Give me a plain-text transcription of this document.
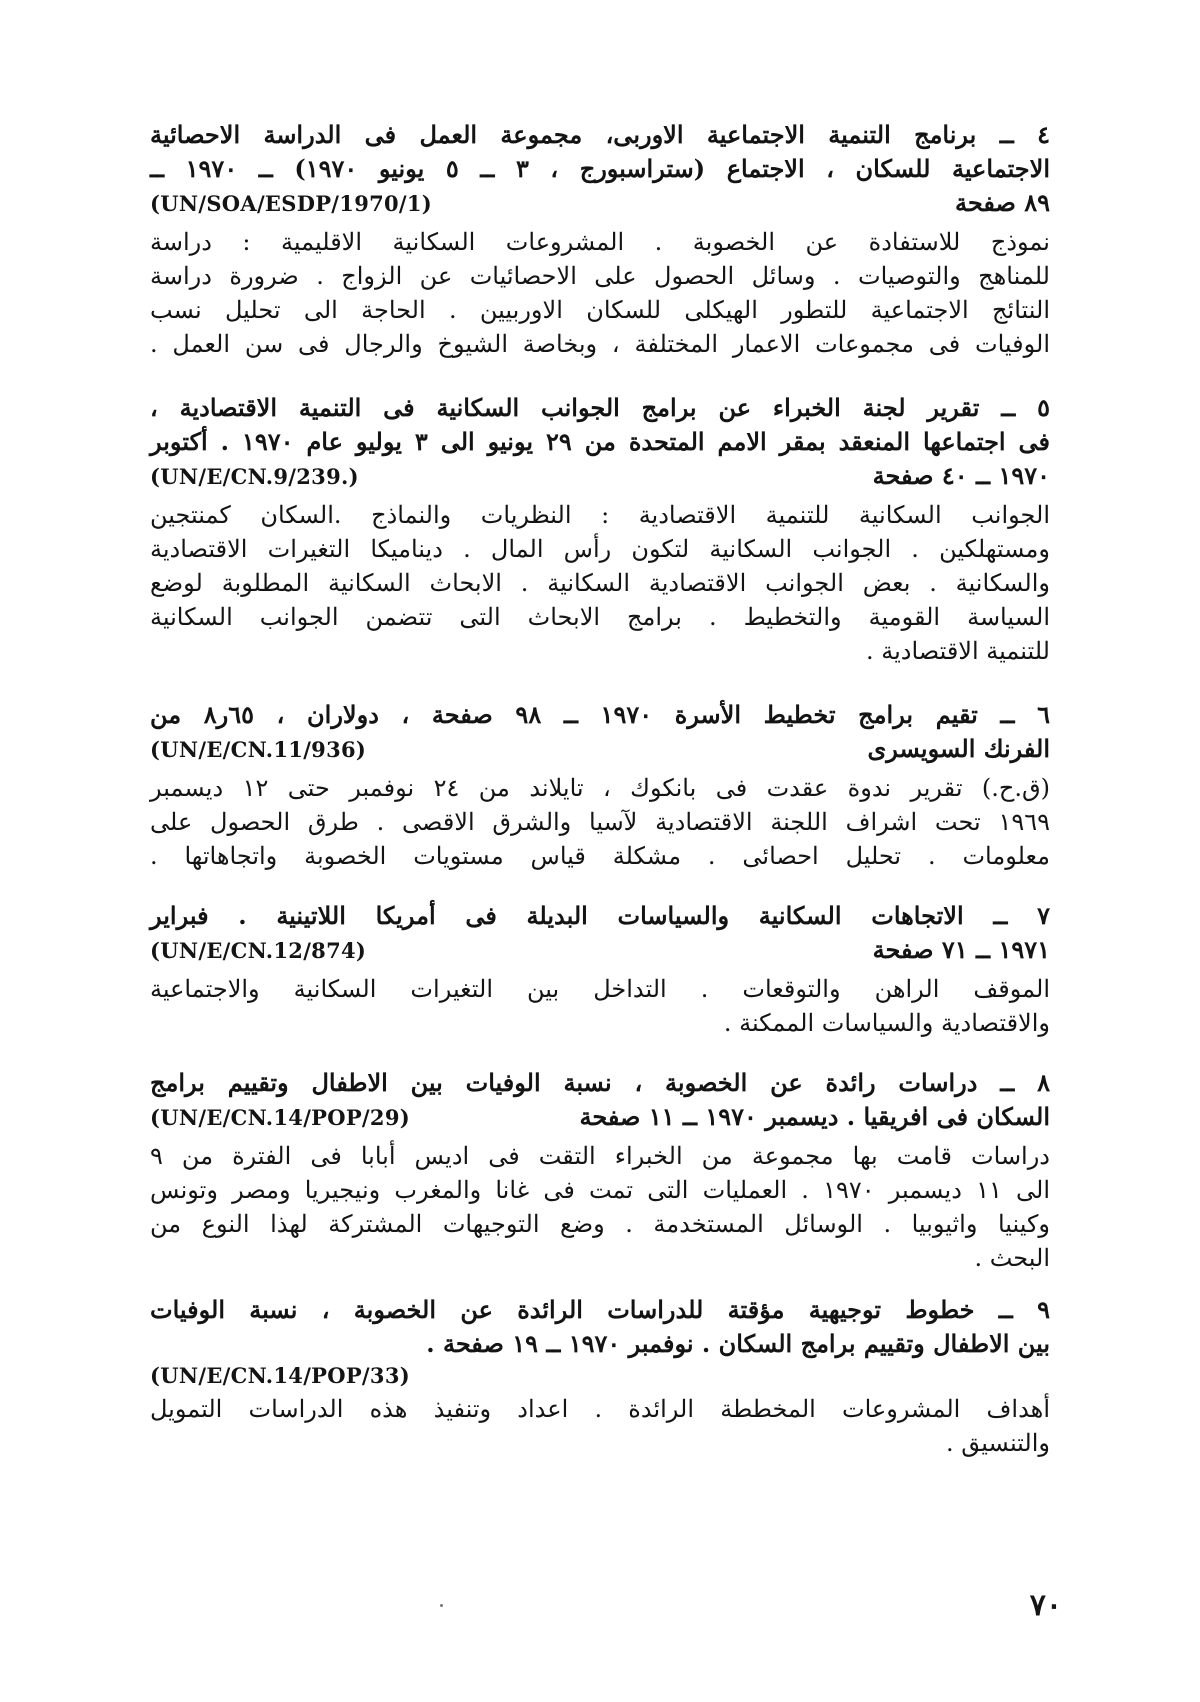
٤ ــ برنامج التنمية الاجتماعية الاوربى، مجموعة العمل فى الدراسة الاحصائية
الاجتماعية للسكان ، الاجتماع (ستراسبورج ، ٣ ــ ٥ يونيو ١٩٧٠) ــ ١٩٧٠ ــ
٨٩ صفحة
(UN/SOA/ESDP/1970/1)
نموذج للاستفادة عن الخصوبة . المشروعات السكانية الاقليمية : دراسة
للمناهج والتوصيات . وسائل الحصول على الاحصائيات عن الزواج . ضرورة دراسة
النتائج الاجتماعية للتطور الهيكلى للسكان الاوربيين . الحاجة الى تحليل نسب
الوفيات فى مجموعات الاعمار المختلفة ، وبخاصة الشيوخ والرجال فى سن العمل .
٥ ــ تقرير لجنة الخبراء عن برامج الجوانب السكانية فى التنمية الاقتصادية ،
فى اجتماعها المنعقد بمقر الامم المتحدة من ٢٩ يونيو الى ٣ يوليو عام ١٩٧٠ . أكتوبر
١٩٧٠ ــ ٤٠ صفحة
(UN/E/CN.9/239.)
الجوانب السكانية للتنمية الاقتصادية : النظريات والنماذج .السكان كمنتجين
ومستهلكين . الجوانب السكانية لتكون رأس المال . ديناميكا التغيرات الاقتصادية
والسكانية . بعض الجوانب الاقتصادية السكانية . الابحاث السكانية المطلوبة لوضع
السياسة القومية والتخطيط . برامج الابحاث التى تتضمن الجوانب السكانية
للتنمية الاقتصادية .
٦ ــ تقيم برامج تخطيط الأسرة ١٩٧٠ ــ ٩٨ صفحة ، دولاران ، ٦٥ر٨ من
الفرنك السويسرى
(UN/E/CN.11/936)
(ق.ح.) تقرير ندوة عقدت فى بانكوك ، تايلاند من ٢٤ نوفمبر حتى ١٢ ديسمبر
١٩٦٩ تحت اشراف اللجنة الاقتصادية لآسيا والشرق الاقصى . طرق الحصول على
معلومات . تحليل احصائى . مشكلة قياس مستويات الخصوبة واتجاهاتها .
٧ ــ الاتجاهات السكانية والسياسات البديلة فى أمريكا اللاتينية . فبراير
١٩٧١ ــ ٧١ صفحة
(UN/E/CN.12/874)
الموقف الراهن والتوقعات . التداخل بين التغيرات السكانية والاجتماعية
والاقتصادية والسياسات الممكنة .
٨ ــ دراسات رائدة عن الخصوبة ، نسبة الوفيات بين الاطفال وتقييم برامج
السكان فى افريقيا . ديسمبر ١٩٧٠ ــ ١١ صفحة
(UN/E/CN.14/POP/29)
دراسات قامت بها مجموعة من الخبراء التقت فى اديس أبابا فى الفترة من ٩
الى ١١ ديسمبر ١٩٧٠ . العمليات التى تمت فى غانا والمغرب ونيجيريا ومصر وتونس
وكينيا واثيوبيا . الوسائل المستخدمة . وضع التوجيهات المشتركة لهذا النوع من
البحث .
٩ ــ خطوط توجيهية مؤقتة للدراسات الرائدة عن الخصوبة ، نسبة الوفيات
بين الاطفال وتقييم برامج السكان . نوفمبر ١٩٧٠ ــ ١٩ صفحة .
(UN/E/CN.14/POP/33)
أهداف المشروعات المخططة الرائدة . اعداد وتنفيذ هذه الدراسات التمويل
والتنسيق .
٧٠
